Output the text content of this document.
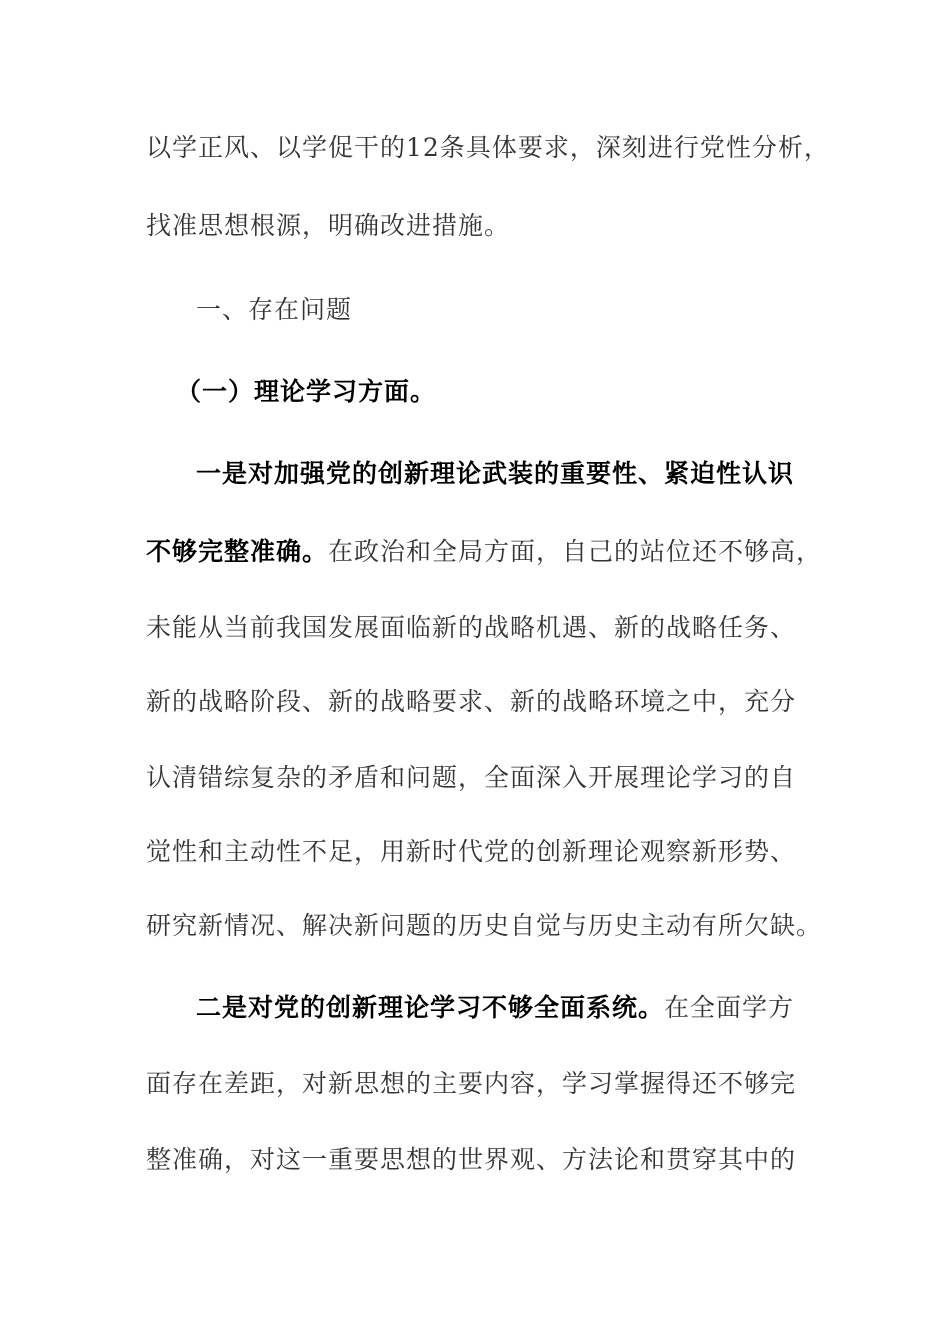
以学正风、以学促干的12条具体要求，深刻进行党性分析，
找准思想根源，明确改进措施。
一、存在问题
（一）理论学习方面。
一是对加强党的创新理论武装的重要性、紧迫性认识
不够完整准确。在政治和全局方面，自己的站位还不够高，
未能从当前我国发展面临新的战略机遇、新的战略任务、
新的战略阶段、新的战略要求、新的战略环境之中，充分
认清错综复杂的矛盾和问题，全面深入开展理论学习的自
觉性和主动性不足，用新时代党的创新理论观察新形势、
研究新情况、解决新问题的历史自觉与历史主动有所欠缺。
二是对党的创新理论学习不够全面系统。在全面学方
面存在差距，对新思想的主要内容，学习掌握得还不够完
整准确，对这一重要思想的世界观、方法论和贯穿其中的
